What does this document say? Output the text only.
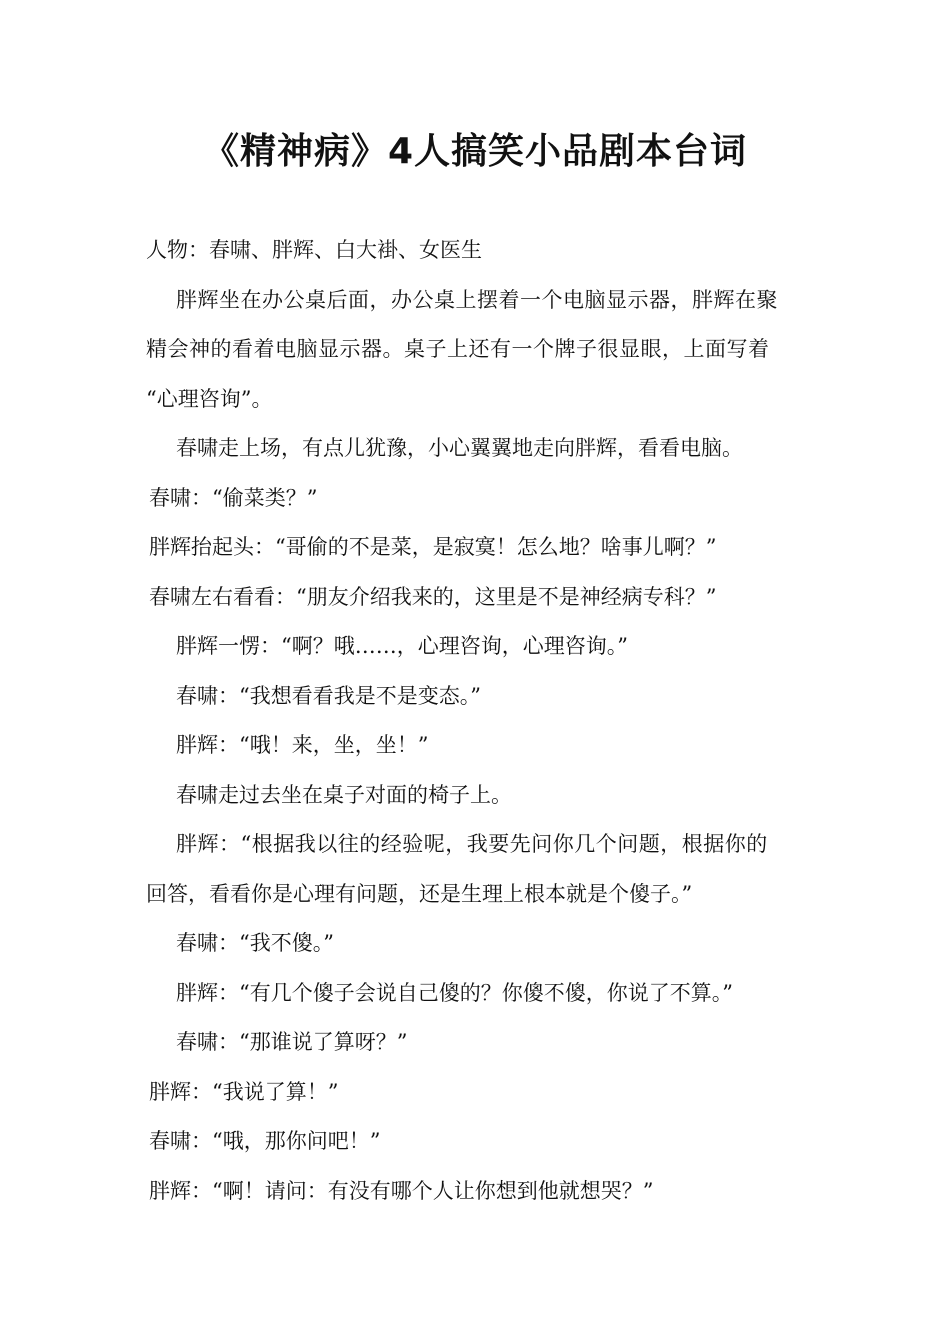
《精神病》4人搞笑小品剧本台词

人物：春啸、胖辉、白大褂、女医生

胖辉坐在办公桌后面，办公桌上摆着一个电脑显示器，胖辉在聚

精会神的看着电脑显示器。桌子上还有一个牌子很显眼，上面写着

“心理咨询”。

春啸走上场，有点儿犹豫，小心翼翼地走向胖辉，看看电脑。

春啸：“偷菜类？”

胖辉抬起头：“哥偷的不是菜，是寂寞！怎么地？啥事儿啊？”

春啸左右看看：“朋友介绍我来的，这里是不是神经病专科？”

胖辉一愣：“啊？哦……，心理咨询，心理咨询。”

春啸：“我想看看我是不是变态。”

胖辉：“哦！来，坐，坐！”

春啸走过去坐在桌子对面的椅子上。

胖辉：“根据我以往的经验呢，我要先问你几个问题，根据你的

回答，看看你是心理有问题，还是生理上根本就是个傻子。”

春啸：“我不傻。”

胖辉：“有几个傻子会说自己傻的？你傻不傻，你说了不算。”

春啸：“那谁说了算呀？”

胖辉：“我说了算！”

春啸：“哦，那你问吧！”

胖辉：“啊！请问：有没有哪个人让你想到他就想哭？”
